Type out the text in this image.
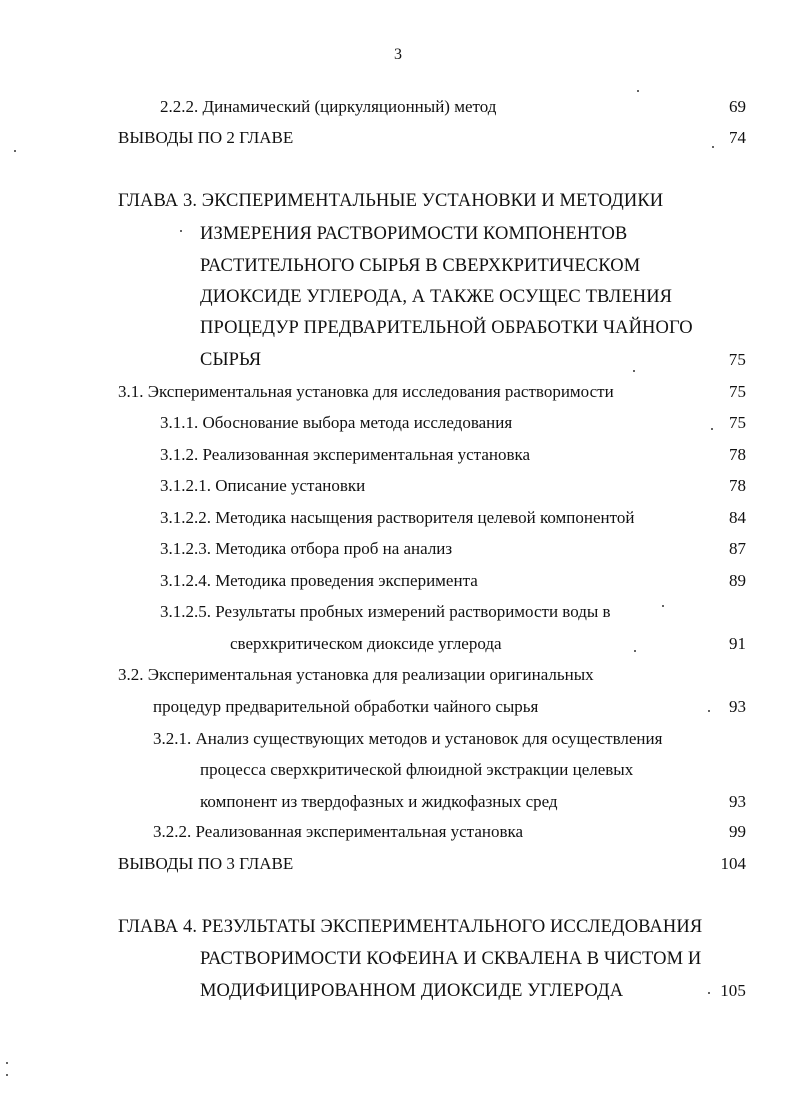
3
2.2.2. Динамический (циркуляционный) метод	69
ВЫВОДЫ ПО 2 ГЛАВЕ	74
ГЛАВА 3. ЭКСПЕРИМЕНТАЛЬНЫЕ УСТАНОВКИ И МЕТОДИКИ
ИЗМЕРЕНИЯ РАСТВОРИМОСТИ КОМПОНЕНТОВ
РАСТИТЕЛЬНОГО СЫРЬЯ В СВЕРХКРИТИЧЕСКОМ
ДИОКСИДЕ УГЛЕРОДА, А ТАКЖЕ ОСУЩЕС ТВЛЕНИЯ
ПРОЦЕДУР ПРЕДВАРИТЕЛЬНОЙ ОБРАБОТКИ ЧАЙНОГО
СЫРЬЯ	75
3.1. Экспериментальная установка для исследования растворимости	75
3.1.1. Обоснование выбора метода исследования	75
3.1.2. Реализованная экспериментальная установка	78
3.1.2.1. Описание установки	78
3.1.2.2. Методика насыщения растворителя целевой компонентой	84
3.1.2.3. Методика отбора проб на анализ	87
3.1.2.4. Методика проведения эксперимента	89
3.1.2.5. Результаты пробных измерений растворимости воды в
сверхкритическом диоксиде углерода	91
3.2. Экспериментальная установка для реализации оригинальных
процедур предварительной обработки чайного сырья	93
3.2.1. Анализ существующих методов и установок для осуществления
процесса сверхкритической флюидной экстракции целевых
компонент из твердофазных и жидкофазных сред	93
3.2.2. Реализованная экспериментальная установка	99
ВЫВОДЫ ПО 3 ГЛАВЕ	104
ГЛАВА 4. РЕЗУЛЬТАТЫ ЭКСПЕРИМЕНТАЛЬНОГО ИССЛЕДОВАНИЯ
РАСТВОРИМОСТИ КОФЕИНА И СКВАЛЕНА В ЧИСТОМ И
МОДИФИЦИРОВАННОМ ДИОКСИДЕ УГЛЕРОДА	105
